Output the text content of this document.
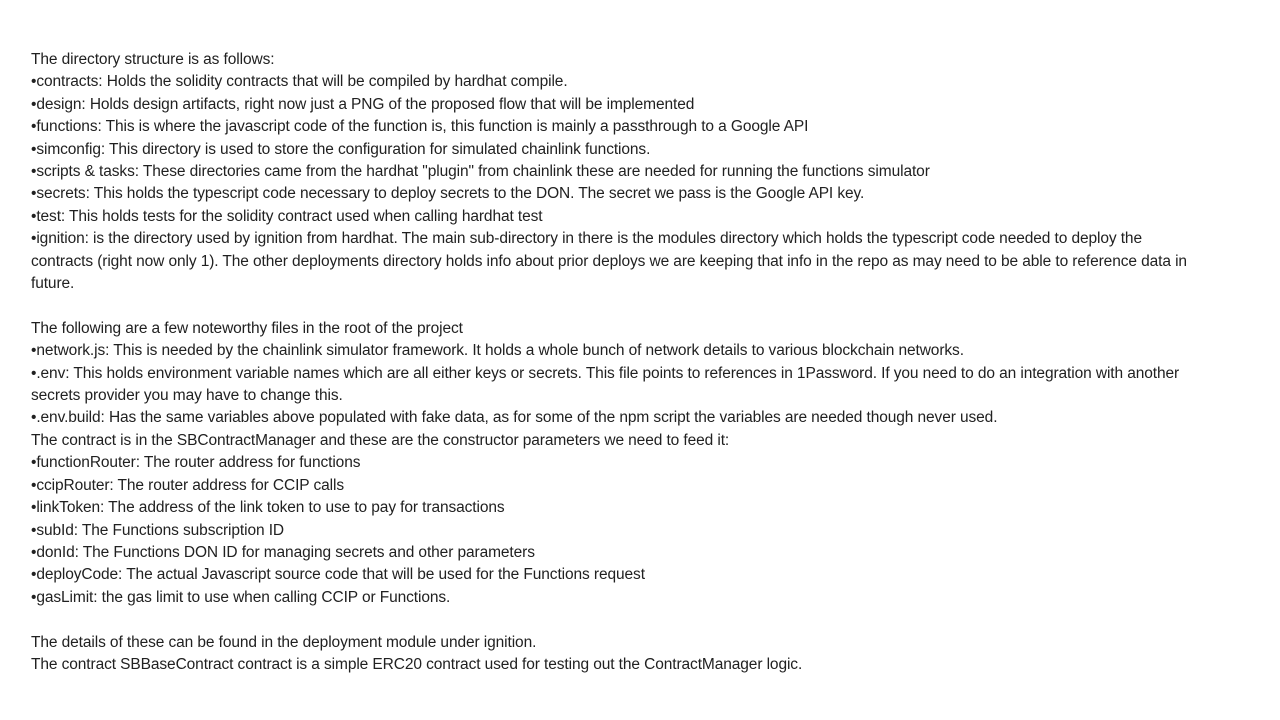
The directory structure is as follows:
•contracts: Holds the solidity contracts that will be compiled by hardhat compile.
•design: Holds design artifacts, right now just a PNG of the proposed flow that will be implemented
•functions: This is where the javascript code of the function is, this function is mainly a passthrough to a Google API
•simconfig: This directory is used to store the configuration for simulated chainlink functions.
•scripts & tasks: These directories came from the hardhat "plugin" from chainlink these are needed for running the functions simulator
•secrets: This holds the typescript code necessary to deploy secrets to the DON. The secret we pass is the Google API key.
•test: This holds tests for the solidity contract used when calling hardhat test
•ignition: is the directory used by ignition from hardhat. The main sub-directory in there is the modules directory which holds the typescript code needed to deploy the contracts (right now only 1). The other deployments directory holds info about prior deploys we are keeping that info in the repo as may need to be able to reference data in future.
The following are a few noteworthy files in the root of the project
•network.js: This is needed by the chainlink simulator framework. It holds a whole bunch of network details to various blockchain networks.
•.env: This holds environment variable names which are all either keys or secrets. This file points to references in 1Password. If you need to do an integration with another secrets provider you may have to change this.
•.env.build: Has the same variables above populated with fake data, as for some of the npm script the variables are needed though never used.
The contract is in the SBContractManager and these are the constructor parameters we need to feed it:
•functionRouter: The router address for functions
•ccipRouter: The router address for CCIP calls
•linkToken: The address of the link token to use to pay for transactions
•subId: The Functions subscription ID
•donId: The Functions DON ID for managing secrets and other parameters
•deployCode: The actual Javascript source code that will be used for the Functions request
•gasLimit: the gas limit to use when calling CCIP or Functions.
The details of these can be found in the deployment module under ignition.
The contract SBBaseContract contract is a simple ERC20 contract used for testing out the ContractManager logic.
